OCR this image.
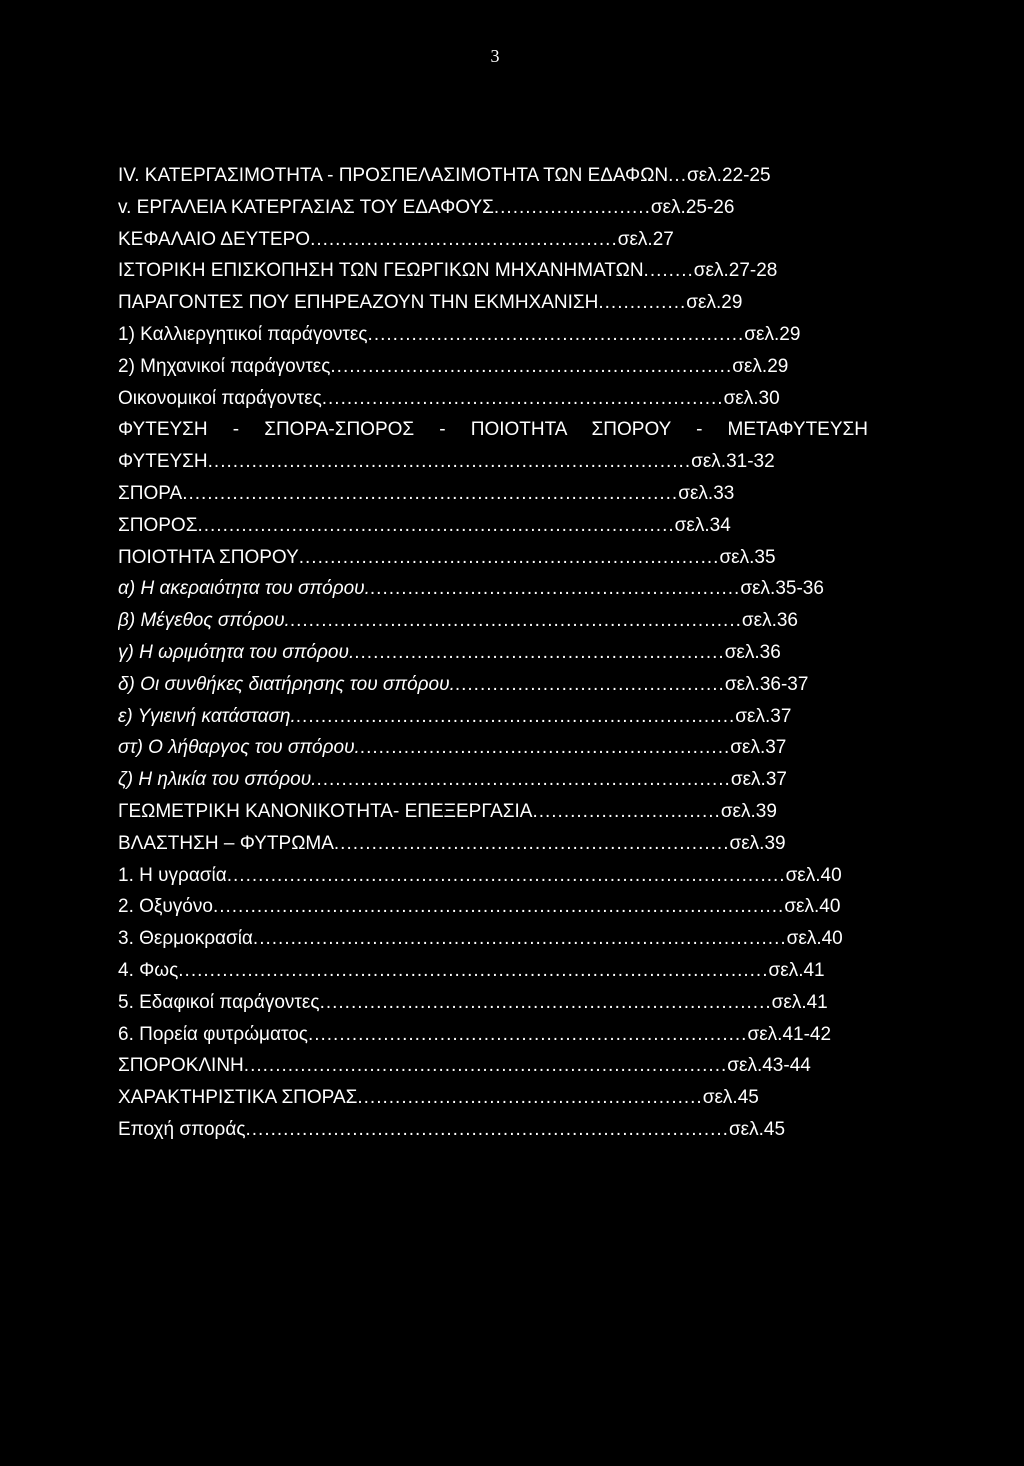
3
IV. ΚΑΤΕΡΓΑΣΙΜΟΤΗΤΑ - ΠΡΟΣΠΕΛΑΣΙΜΟΤΗΤΑ ΤΩΝ ΕΔΑΦΩΝ...σελ.22-25
v. ΕΡΓΑΛΕΙΑ ΚΑΤΕΡΓΑΣΙΑΣ ΤΟΥ ΕΔΑΦΟΥΣ.........................σελ.25-26
ΚΕΦΑΛΑΙΟ ΔΕΥΤΕΡΟ.................................................σελ.27
ΙΣΤΟΡΙΚΗ ΕΠΙΣΚΟΠΗΣΗ ΤΩΝ ΓΕΩΡΓΙΚΩΝ ΜΗΧΑΝΗΜΑΤΩΝ........σελ.27-28
ΠΑΡΑΓΟΝΤΕΣ ΠΟΥ ΕΠΗΡΕΑΖΟΥΝ ΤΗΝ ΕΚΜΗΧΑΝΙΣΗ..............σελ.29
1) Καλλιεργητικοί παράγοντες............................................................σελ.29
2) Μηχανικοί παράγοντες................................................................σελ.29
Οικονομικοί παράγοντες................................................................σελ.30
ΦΥΤΕΥΣΗ - ΣΠΟΡΑ-ΣΠΟΡΟΣ - ΠΟΙΟΤΗΤΑ ΣΠΟΡΟΥ - ΜΕΤΑΦΥΤΕΥΣΗ
ΦΥΤΕΥΣΗ.............................................................................σελ.31-32
ΣΠΟΡΑ...............................................................................σελ.33
ΣΠΟΡΟΣ............................................................................σελ.34
ΠΟΙΟΤΗΤΑ ΣΠΟΡΟΥ...................................................................σελ.35
α) Η ακεραιότητα του σπόρου............................................................σελ.35-36
β) Μέγεθος σπόρου.........................................................................σελ.36
γ) Η ωριμότητα του σπόρου............................................................σελ.36
δ) Οι συνθήκες διατήρησης του σπόρου............................................σελ.36-37
ε) Υγιεινή κατάσταση.......................................................................σελ.37
στ) Ο λήθαργος του σπόρου............................................................σελ.37
ζ) Η ηλικία του σπόρου...................................................................σελ.37
ΓΕΩΜΕΤΡΙΚΗ ΚΑΝΟΝΙΚΟΤΗΤΑ- ΕΠΕΞΕΡΓΑΣΙΑ..............................σελ.39
ΒΛΑΣΤΗΣΗ – ΦΥΤΡΩΜΑ...............................................................σελ.39
1. Η υγρασία.........................................................................................σελ.40
2. Οξυγόνο...........................................................................................σελ.40
3. Θερμοκρασία.....................................................................................σελ.40
4. Φως..............................................................................................σελ.41
5. Εδαφικοί παράγοντες........................................................................σελ.41
6. Πορεία φυτρώματος......................................................................σελ.41-42
ΣΠΟΡΟΚΛΙΝΗ.............................................................................σελ.43-44
ΧΑΡΑΚΤΗΡΙΣΤΙΚΑ ΣΠΟΡΑΣ.......................................................σελ.45
Εποχή σποράς.............................................................................σελ.45
